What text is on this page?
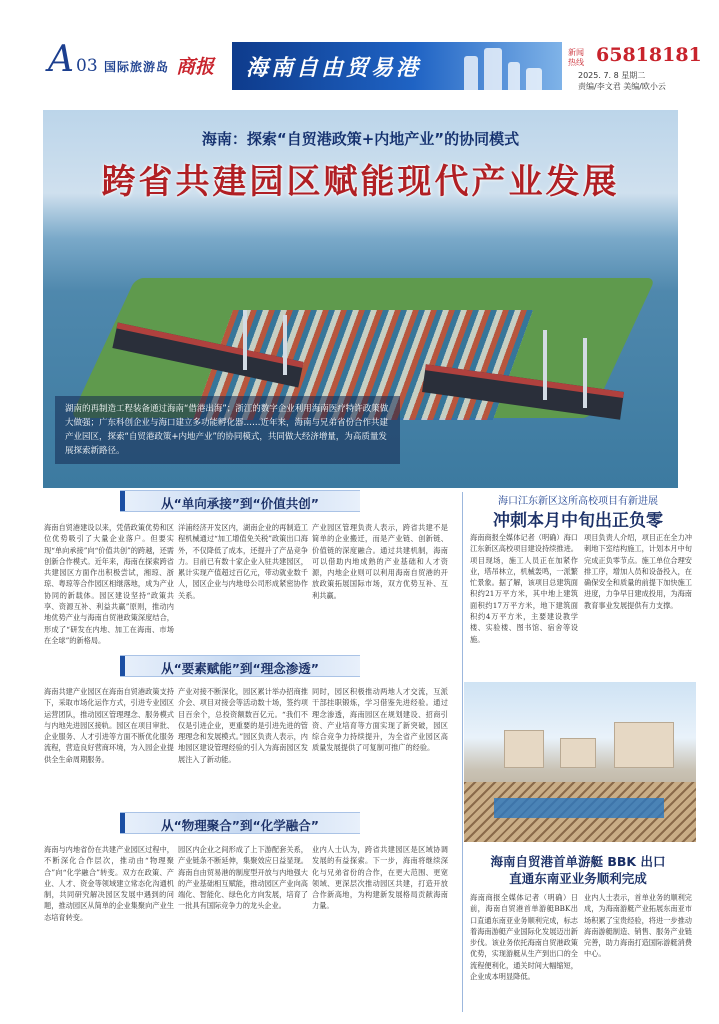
A 03 国际旅游岛 商报 海南自由贸易港
新闻热线 65818181
2025. 7. 8 星期二
责编/李文君 美编/欧小云
海南：探索“自贸港政策+内地产业”的协同模式
跨省共建园区赋能现代产业发展
湖南的再制造工程装备通过海南“借港出海”；浙江的数字企业利用海南医疗特许政策做大做强；广东科创企业与海口建立多功能孵化器……近年来，海南与兄弟省份合作共建产业园区，探索“自贸港政策+内地产业”的协同模式，共同做大经济增量，为高质量发展探索新路径。
从“单向承接”到“价值共创”
海南自贸港建设以来，凭借政策优势和区位优势吸引了大量企业落户。但要实现“单向承接”向“价值共创”的跨越，还需创新合作模式。近年来，海南在探索跨省共建园区方面作出积极尝试，湘琼、浙琼、粤琼等合作园区相继落地，成为产业协同的新载体。园区建设坚持“政策共享、资源互补、利益共赢”原则，推动内地优势产业与海南自贸港政策深度结合，形成了“研发在内地、加工在海南、市场在全球”的新格局。
洋浦经济开发区内，湖南企业的再制造工程机械通过“加工增值免关税”政策出口海外，不仅降低了成本，还提升了产品竞争力。目前已有数十家企业入驻共建园区，累计实现产值超过百亿元，带动就业数千人，园区企业与内地母公司形成紧密协作关系。
产业园区管理负责人表示，跨省共建不是简单的企业搬迁，而是产业链、创新链、价值链的深度融合。通过共建机制，海南可以借助内地成熟的产业基础和人才资源，内地企业则可以利用海南自贸港的开放政策拓展国际市场，双方优势互补、互利共赢。
从“要素赋能”到“理念渗透”
海南共建产业园区在海南自贸港政策支持下，采取市场化运作方式，引进专业园区运营团队，推动园区管理理念、服务模式与内地先进园区接轨。园区在项目审批、企业服务、人才引进等方面不断优化服务流程，营造良好营商环境，为入园企业提供全生命周期服务。
产业对接不断深化，园区累计举办招商推介会、项目对接会等活动数十场，签约项目百余个，总投资额数百亿元。“我们不仅是引进企业，更重要的是引进先进的管理理念和发展模式。”园区负责人表示，内地园区建设管理经验的引入为海南园区发展注入了新动能。
同时，园区积极推动两地人才交流，互派干部挂职锻炼，学习借鉴先进经验。通过理念渗透，海南园区在规划建设、招商引资、产业培育等方面实现了新突破，园区综合竞争力持续提升，为全省产业园区高质量发展提供了可复制可推广的经验。
从“物理聚合”到“化学融合”
海南与内地省份在共建产业园区过程中，不断深化合作层次，推动由“物理聚合”向“化学融合”转变。双方在政策、产业、人才、资金等领域建立常态化沟通机制，共同研究解决园区发展中遇到的问题，推动园区从简单的企业集聚向产业生态培育转变。
园区内企业之间形成了上下游配套关系，产业链条不断延伸，集聚效应日益显现。海南自由贸易港的制度型开放与内地强大的产业基础相互赋能，推动园区产业向高端化、智能化、绿色化方向发展，培育了一批具有国际竞争力的龙头企业。
业内人士认为，跨省共建园区是区域协调发展的有益探索。下一步，海南将继续深化与兄弟省份的合作，在更大范围、更宽领域、更深层次推动园区共建，打造开放合作新高地，为构建新发展格局贡献海南力量。
海口江东新区这所高校项目有新进展
冲刺本月中旬出正负零
海南商报全媒体记者（明确）海口江东新区高校项目建设持续推进。项目现场，施工人员正在加紧作业，塔吊林立，机械轰鸣，一派繁忙景象。据了解，该项目总建筑面积约21万平方米，其中地上建筑面积约17万平方米，地下建筑面积约4万平方米，主要建设教学楼、实验楼、图书馆、宿舍等设施。
项目负责人介绍，项目正在全力冲刺地下室结构施工，计划本月中旬完成正负零节点。施工单位合理安排工序，增加人员和设备投入，在确保安全和质量的前提下加快施工进度，力争早日建成投用，为海南教育事业发展提供有力支撑。
海南自贸港首单游艇 BBK 出口
直通东南亚业务顺利完成
海南商报全媒体记者（明确）日前，海南自贸港首单游艇BBK出口直通东南亚业务顺利完成，标志着海南游艇产业国际化发展迈出新步伐。该业务依托海南自贸港政策优势，实现游艇从生产到出口的全流程便利化，通关时间大幅缩短，企业成本明显降低。
业内人士表示，首单业务的顺利完成，为海南游艇产业拓展东南亚市场积累了宝贵经验，将进一步推动海南游艇制造、销售、服务产业链完善，助力海南打造国际游艇消费中心。
